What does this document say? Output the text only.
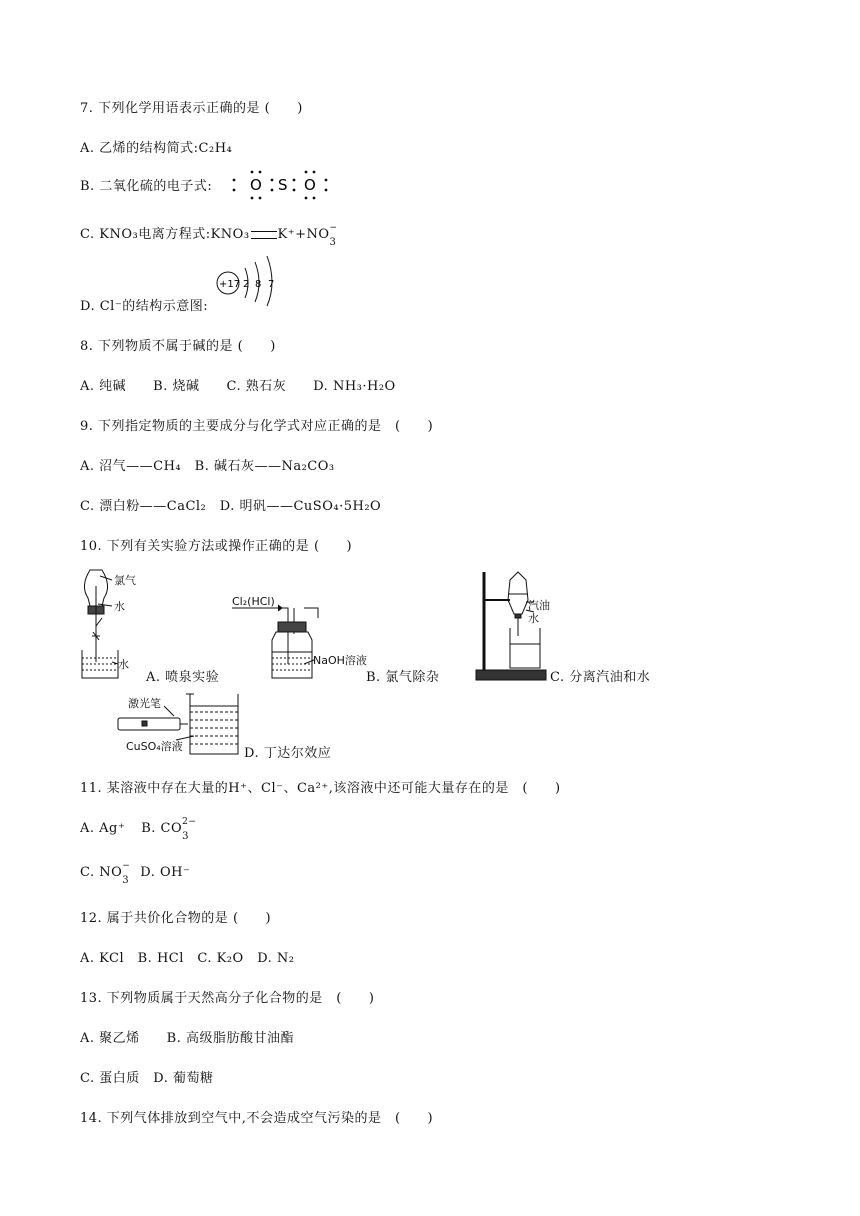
7. 下列化学用语表示正确的是 (　　)
A. 乙烯的结构简式:C₂H₄
B. 二氧化硫的电子式:	O S O
C. KNO₃电离方程式:KNO₃ K⁺+NO −
3
+17 2 8 7
D. Cl⁻的结构示意图:
8. 下列物质不属于碱的是 (　　)
A. 纯碱　　B. 烧碱　　C. 熟石灰　　D. NH₃·H₂O
9. 下列指定物质的主要成分与化学式对应正确的是　(　　)
A. 沼气——CH₄　B. 碱石灰——Na₂CO₃
C. 漂白粉——CaCl₂　D. 明矾——CuSO₄·5H₂O
10. 下列有关实验方法或操作正确的是 (　　)
氯气
水
水
A. 喷泉实验
Cl₂(HCl)
NaOH溶液
B. 氯气除杂
汽油
水
C. 分离汽油和水
激光笔
CuSO₄溶液	D. 丁达尔效应
11. 某溶液中存在大量的H⁺、Cl⁻、Ca²⁺,该溶液中还可能大量存在的是　(　　)
A. Ag⁺ B. CO 2−
3
C. NO −
3
D. OH⁻
12. 属于共价化合物的是 (　　)
A. KCl　B. HCl　C. K₂O　D. N₂
13. 下列物质属于天然高分子化合物的是　(　　)
A. 聚乙烯　　B. 高级脂肪酸甘油酯
C. 蛋白质　D. 葡萄糖
14. 下列气体排放到空气中,不会造成空气污染的是　(　　)
